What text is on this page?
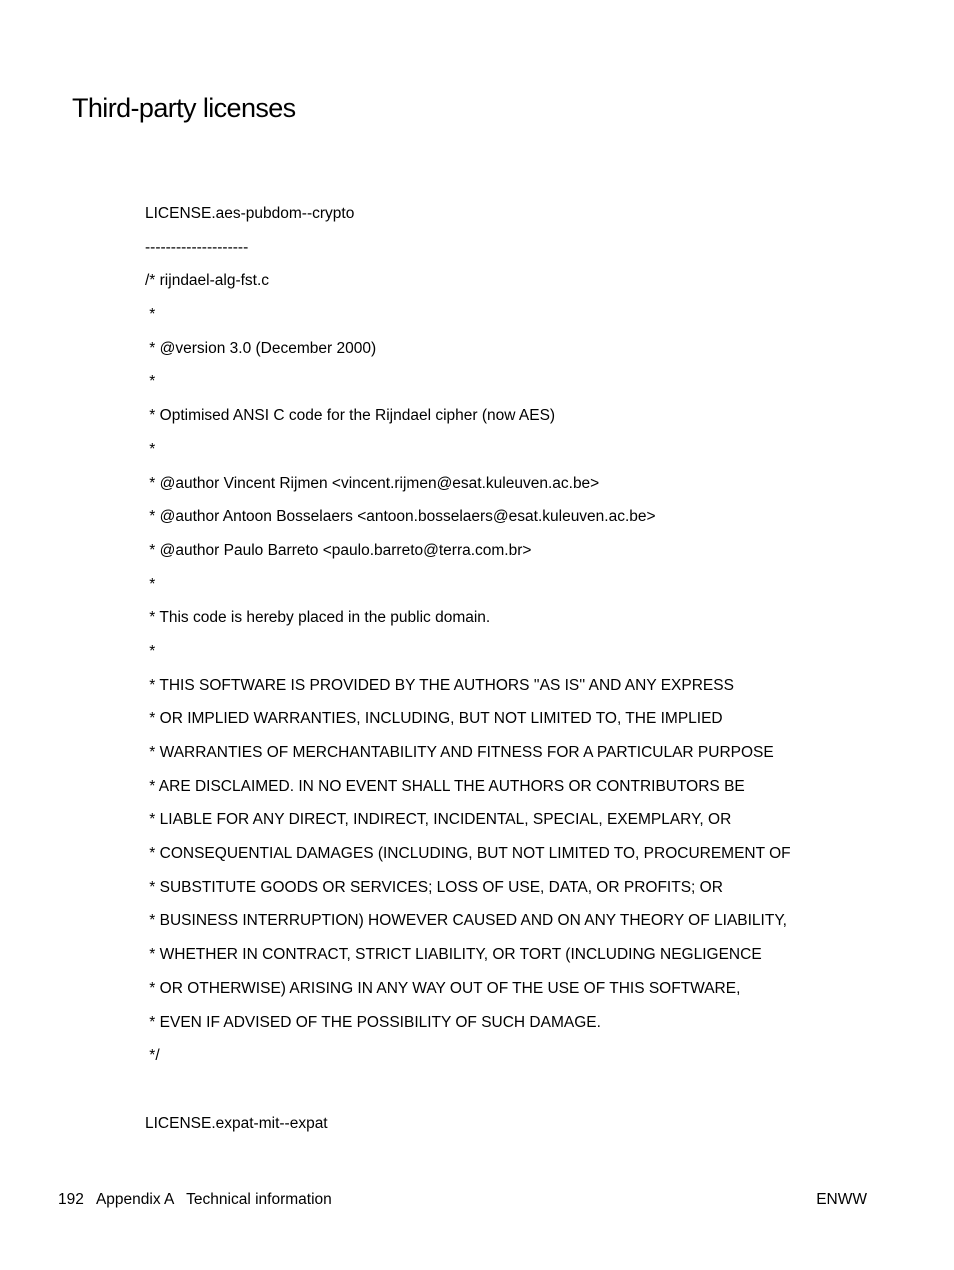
Third-party licenses
LICENSE.aes-pubdom--crypto
--------------------
/* rijndael-alg-fst.c
*
* @version 3.0 (December 2000)
*
* Optimised ANSI C code for the Rijndael cipher (now AES)
*
* @author Vincent Rijmen <vincent.rijmen@esat.kuleuven.ac.be>
* @author Antoon Bosselaers <antoon.bosselaers@esat.kuleuven.ac.be>
* @author Paulo Barreto <paulo.barreto@terra.com.br>
*
* This code is hereby placed in the public domain.
*
* THIS SOFTWARE IS PROVIDED BY THE AUTHORS ''AS IS'' AND ANY EXPRESS
* OR IMPLIED WARRANTIES, INCLUDING, BUT NOT LIMITED TO, THE IMPLIED
* WARRANTIES OF MERCHANTABILITY AND FITNESS FOR A PARTICULAR PURPOSE
* ARE DISCLAIMED. IN NO EVENT SHALL THE AUTHORS OR CONTRIBUTORS BE
* LIABLE FOR ANY DIRECT, INDIRECT, INCIDENTAL, SPECIAL, EXEMPLARY, OR
* CONSEQUENTIAL DAMAGES (INCLUDING, BUT NOT LIMITED TO, PROCUREMENT OF
* SUBSTITUTE GOODS OR SERVICES; LOSS OF USE, DATA, OR PROFITS; OR
* BUSINESS INTERRUPTION) HOWEVER CAUSED AND ON ANY THEORY OF LIABILITY,
* WHETHER IN CONTRACT, STRICT LIABILITY, OR TORT (INCLUDING NEGLIGENCE
* OR OTHERWISE) ARISING IN ANY WAY OUT OF THE USE OF THIS SOFTWARE,
* EVEN IF ADVISED OF THE POSSIBILITY OF SUCH DAMAGE.
*/
LICENSE.expat-mit--expat
192 Appendix A   Technical information	ENWW
